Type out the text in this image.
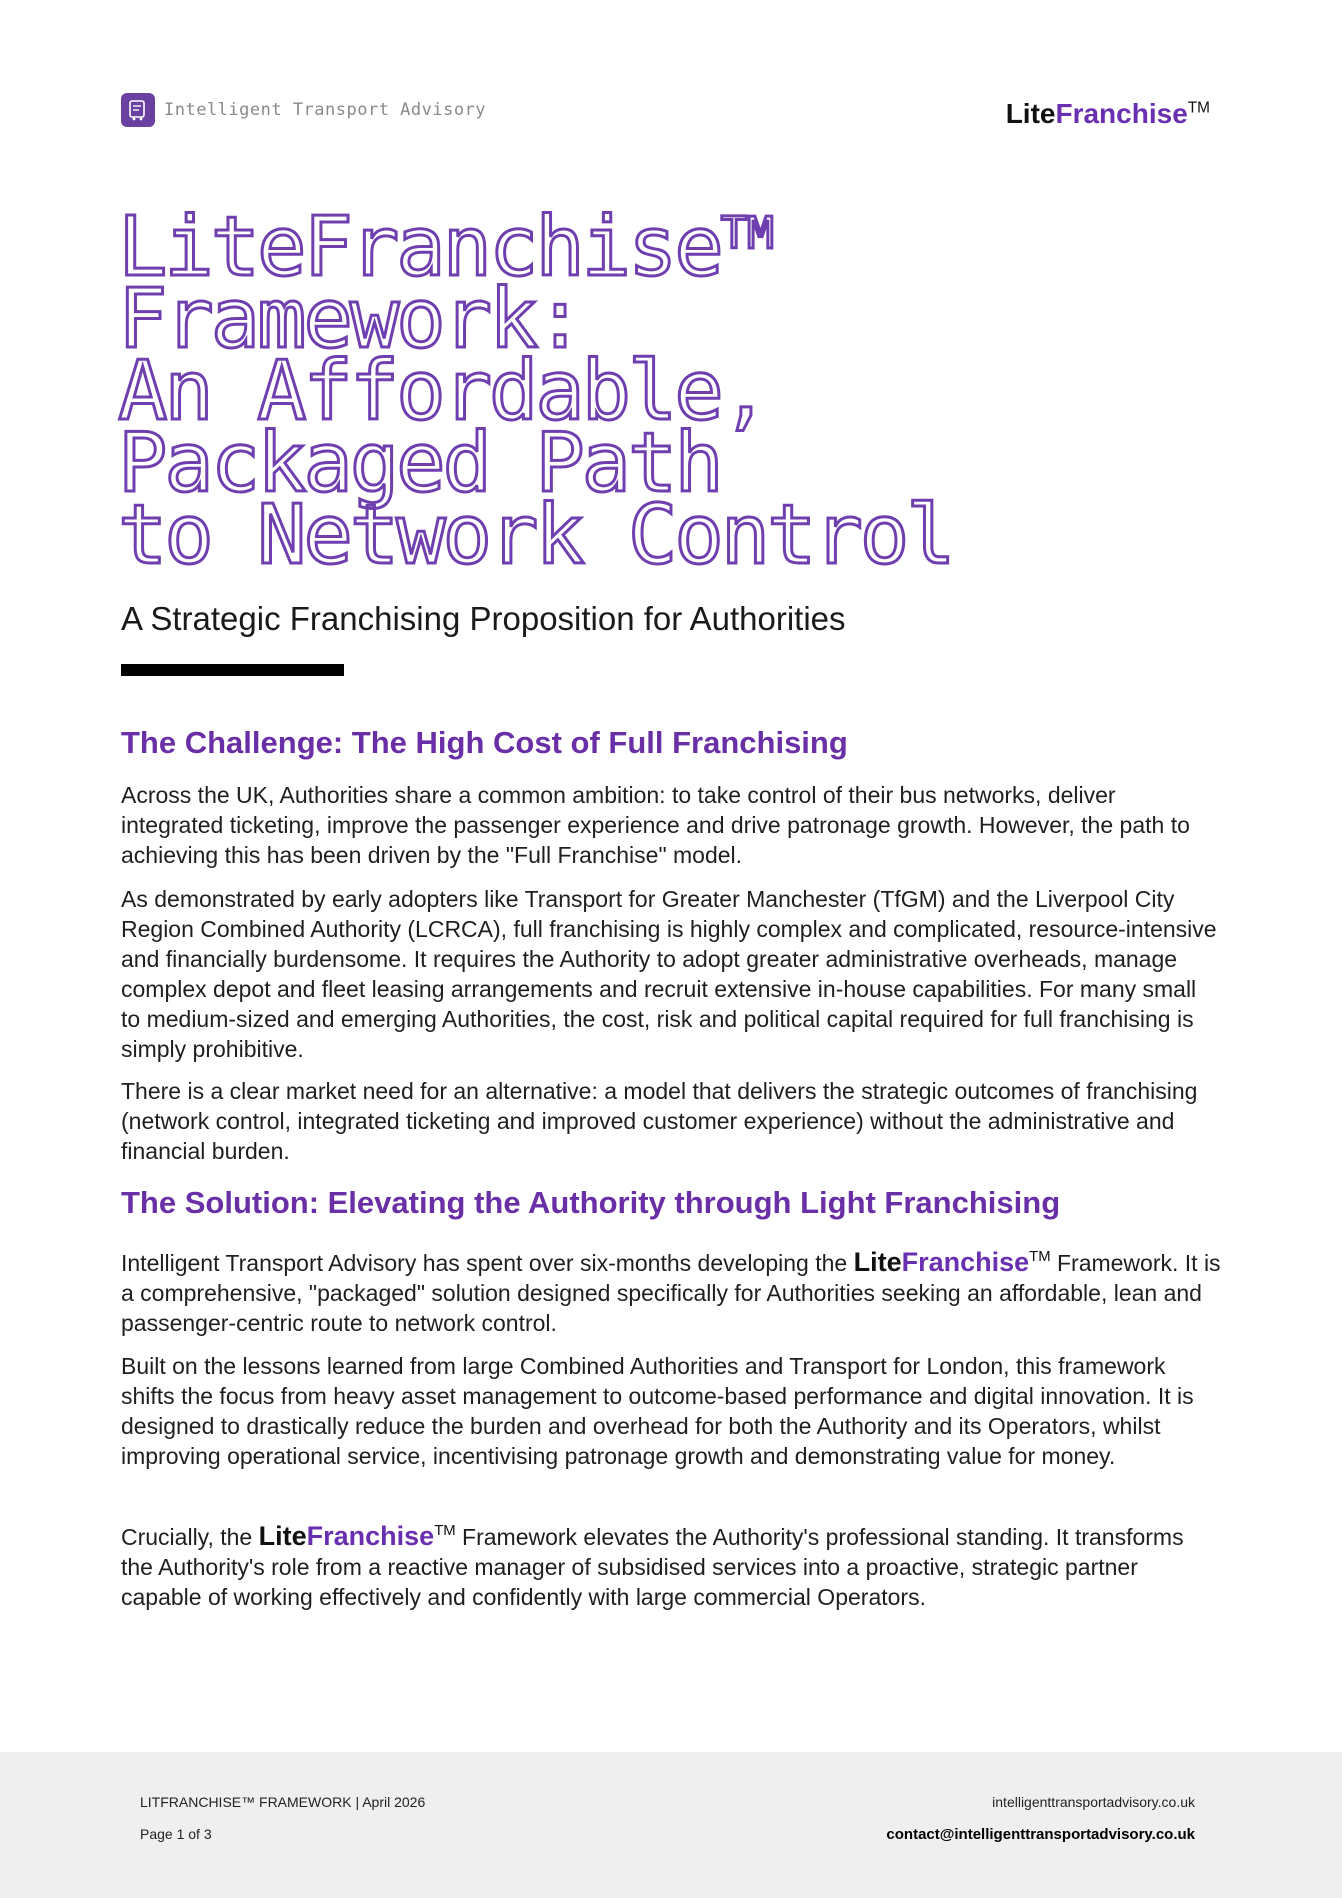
Intelligent Transport Advisory	LiteFranchise™
LiteFranchise™
Framework:
An Affordable,
Packaged Path
to Network Control
A Strategic Franchising Proposition for Authorities
The Challenge: The High Cost of Full Franchising

Across the UK, Authorities share a common ambition: to take control of their bus networks, deliver integrated ticketing, improve the passenger experience and drive patronage growth. However, the path to achieving this has been driven by the "Full Franchise" model.

As demonstrated by early adopters like Transport for Greater Manchester (TfGM) and the Liverpool City Region Combined Authority (LCRCA), full franchising is highly complex and complicated, resource-intensive and financially burdensome. It requires the Authority to adopt greater administrative overheads, manage complex depot and fleet leasing arrangements and recruit extensive in-house capabilities. For many small to medium-sized and emerging Authorities, the cost, risk and political capital required for full franchising is simply prohibitive.

There is a clear market need for an alternative: a model that delivers the strategic outcomes of franchising (network control, integrated ticketing and improved customer experience) without the administrative and financial burden.

The Solution: Elevating the Authority through Light Franchising

Intelligent Transport Advisory has spent over six-months developing the LiteFranchise™ Framework. It is a comprehensive, "packaged" solution designed specifically for Authorities seeking an affordable, lean and passenger-centric route to network control.

Built on the lessons learned from large Combined Authorities and Transport for London, this framework shifts the focus from heavy asset management to outcome-based performance and digital innovation. It is designed to drastically reduce the burden and overhead for both the Authority and its Operators, whilst improving operational service, incentivising patronage growth and demonstrating value for money.

Crucially, the LiteFranchise™ Framework elevates the Authority's professional standing. It transforms the Authority's role from a reactive manager of subsidised services into a proactive, strategic partner capable of working effectively and confidently with large commercial Operators.

LITFRANCHISE™ FRAMEWORK | April 2026
Page 1 of 3
intelligenttransportadvisory.co.uk
contact@intelligenttransportadvisory.co.uk
